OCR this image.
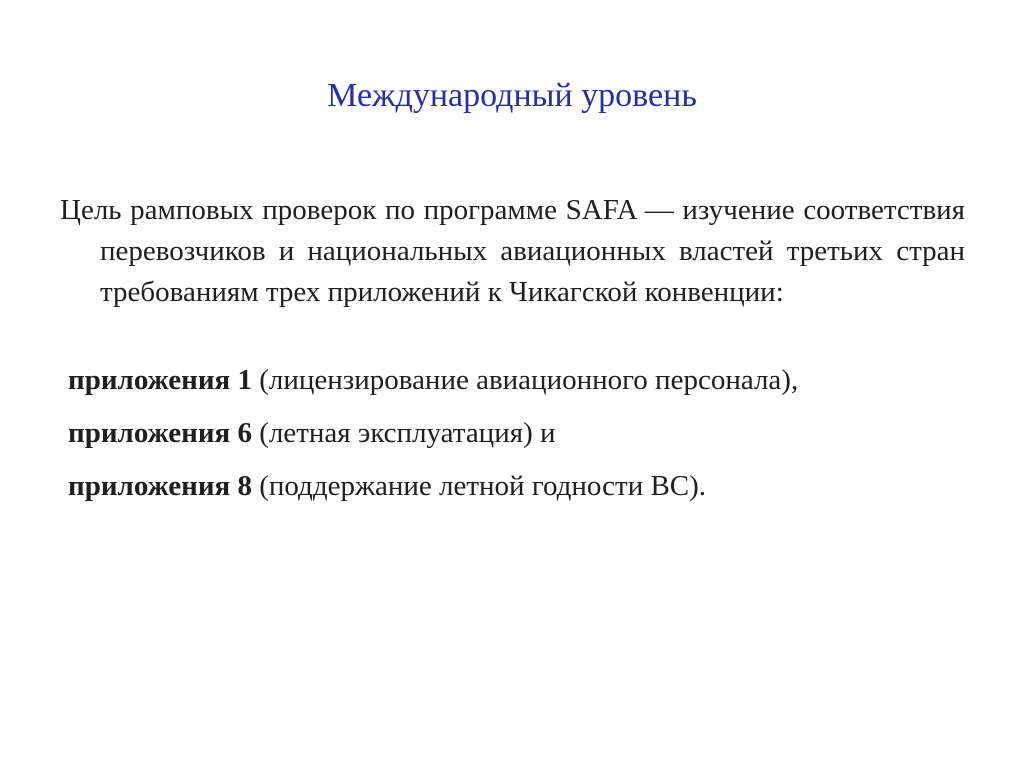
Международный уровень

Цель рамповых проверок по программе SAFA — изучение соответствия перевозчиков и национальных авиационных властей третьих стран требованиям трех приложений к Чикагской конвенции:

приложения 1 (лицензирование авиационного персонала),
приложения 6 (летная эксплуатация) и
приложения 8 (поддержание летной годности ВС).
